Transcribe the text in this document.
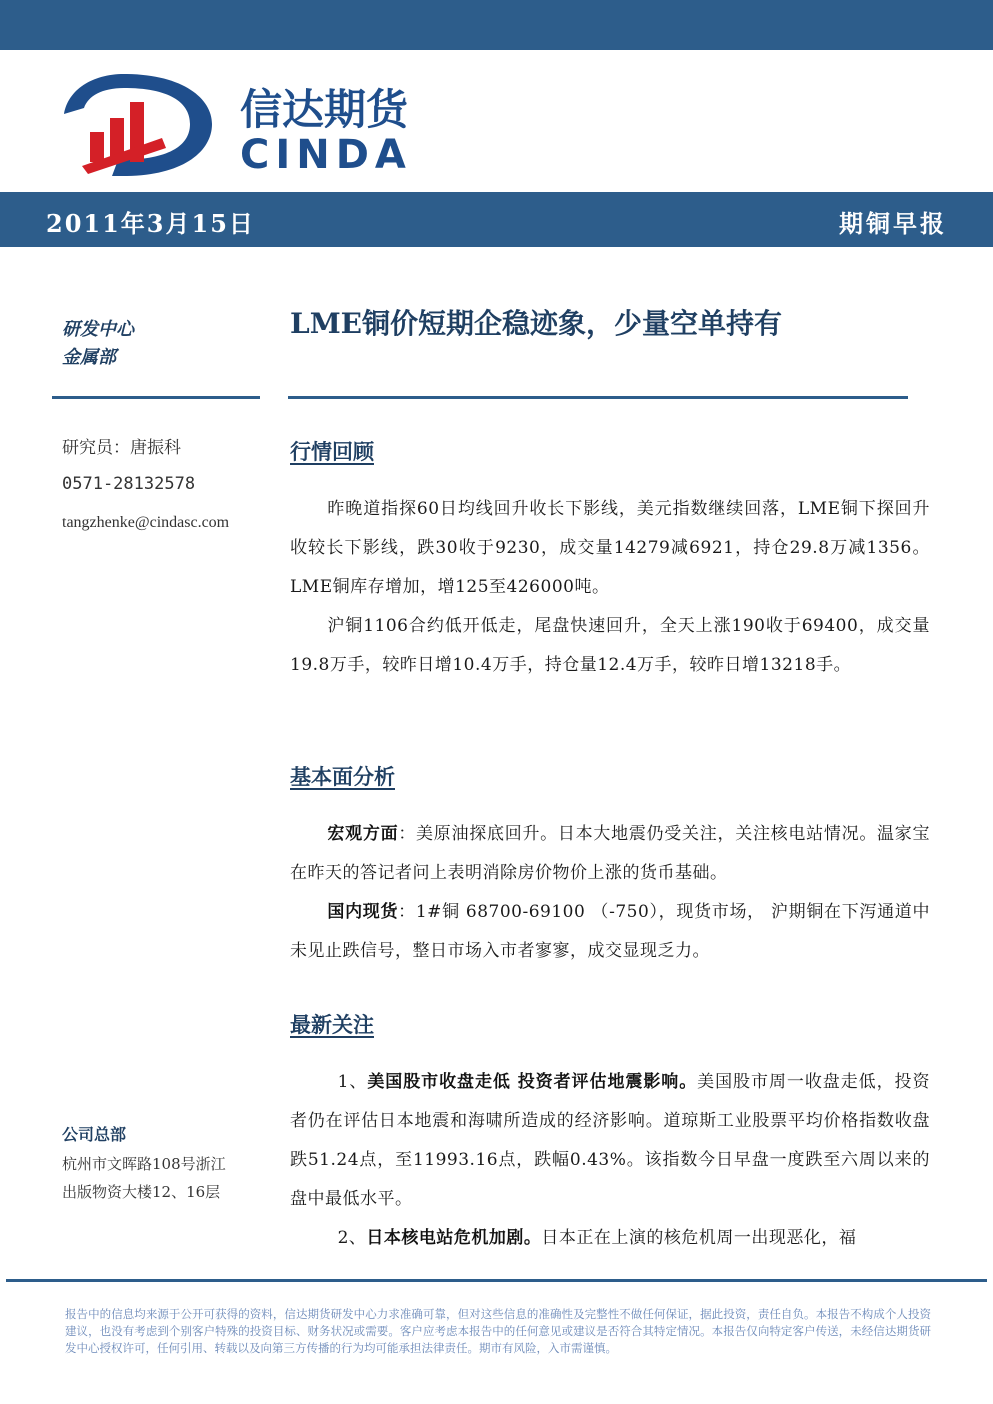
信达期货
CINDA
2011年3月15日	期铜早报
研发中心
金属部
LME铜价短期企稳迹象，少量空单持有
研究员：唐振科
0571-28132578
tangzhenke@cindasc.com
公司总部
杭州市文晖路108号浙江
出版物资大楼12、16层
行情回顾
昨晚道指探60日均线回升收长下影线，美元指数继续回落，LME铜下探回升收较长下影线，跌30收于9230，成交量14279减6921，持仓29.8万减1356。LME铜库存增加，增125至426000吨。
沪铜1106合约低开低走，尾盘快速回升，全天上涨190收于69400，成交量19.8万手，较昨日增10.4万手，持仓量12.4万手，较昨日增13218手。
基本面分析
宏观方面：美原油探底回升。日本大地震仍受关注，关注核电站情况。温家宝在昨天的答记者问上表明消除房价物价上涨的货币基础。
国内现货：1#铜 68700-69100 （-750），现货市场， 沪期铜在下泻通道中未见止跌信号，整日市场入市者寥寥，成交显现乏力。
最新关注
1、美国股市收盘走低 投资者评估地震影响。美国股市周一收盘走低，投资者仍在评估日本地震和海啸所造成的经济影响。道琼斯工业股票平均价格指数收盘跌51.24点，至11993.16点，跌幅0.43%。该指数今日早盘一度跌至六周以来的盘中最低水平。
2、日本核电站危机加剧。日本正在上演的核危机周一出现恶化，福
报告中的信息均来源于公开可获得的资料，信达期货研发中心力求准确可靠，但对这些信息的准确性及完整性不做任何保证，据此投资，责任自负。本报告不构成个人投资建议，也没有考虑到个别客户特殊的投资目标、财务状况或需要。客户应考虑本报告中的任何意见或建议是否符合其特定情况。本报告仅向特定客户传送，未经信达期货研发中心授权许可，任何引用、转载以及向第三方传播的行为均可能承担法律责任。期市有风险，入市需谨慎。
